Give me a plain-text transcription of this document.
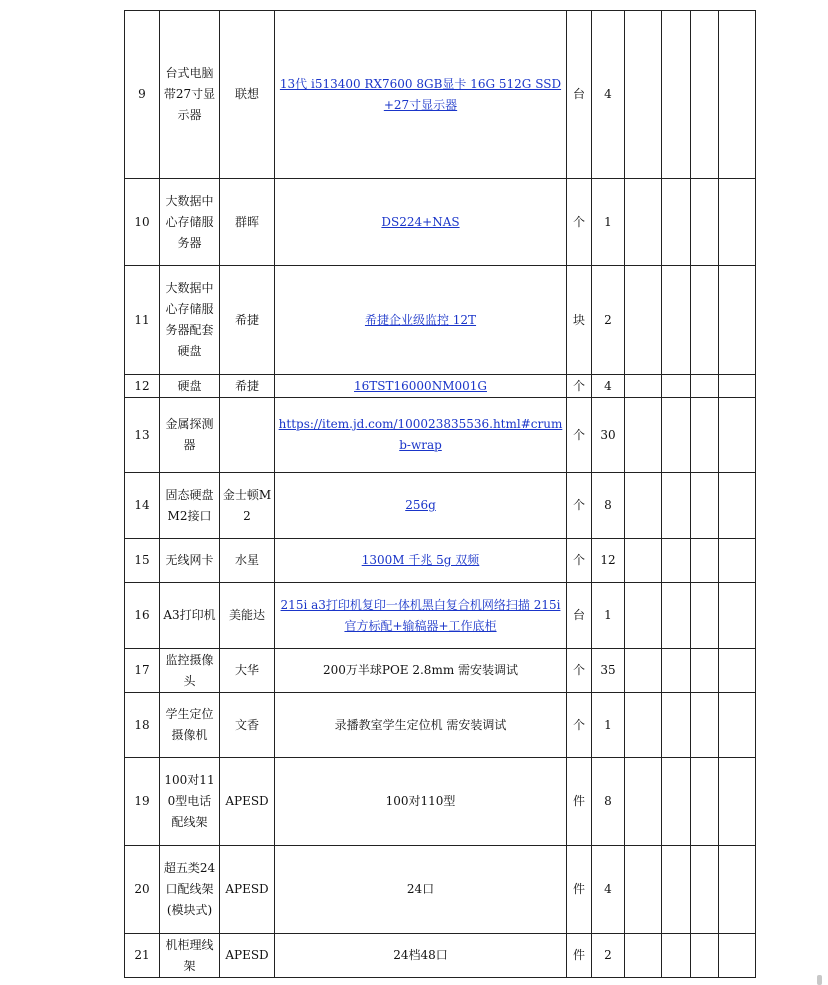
9	台式电脑带27寸显示器	联想	13代 i513400 RX7600 8GB显卡 16G 512G SSD+27寸显示器	台	4				
10	大数据中心存储服务器	群晖	DS224+NAS	个	1				
11	大数据中心存储服务器配套硬盘	希捷	希捷企业级监控 12T	块	2				
12	硬盘	希捷	16TST16000NM001G	个	4				
13	金属探测器		https://item.jd.com/100023835536.html#crumb-wrap	个	30				
14	固态硬盘M2接口	金士顿M2	256g	个	8				
15	无线网卡	水星	1300M 千兆 5g 双频	个	12				
16	A3打印机	美能达	215i a3打印机复印一体机黑白复合机网络扫描 215i 官方标配+输稿器+工作底柜	台	1				
17	监控摄像头	大华	200万半球POE 2.8mm 需安装调试	个	35				
18	学生定位摄像机	文香	录播教室学生定位机 需安装调试	个	1				
19	100对110型电话配线架	APESD	100对110型	件	8				
20	超五类24口配线架(模块式)	APESD	24口	件	4				
21	机柜理线架	APESD	24档48口	件	2				
